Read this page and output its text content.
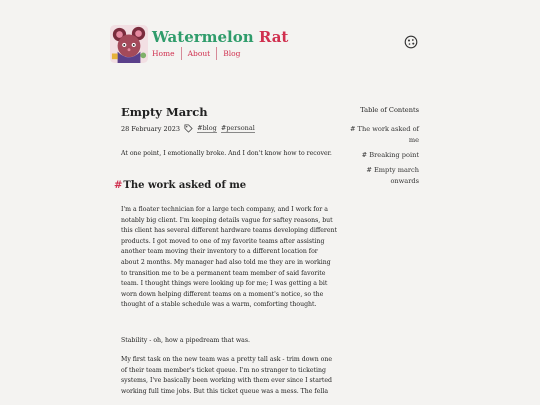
Watermelon Rat
Home About Blog
Empty March
28 February 2023	#blog #personal
At one point, I emotionally broke. And I don't know how to recover.
#The work asked of me

I'm a floater technician for a large tech company, and I work for a notably big client. I'm keeping details vague for saftey reasons, but this client has several different hardware teams developing different products. I got moved to one of my favorite teams after assisting another team moving their inventory to a different location for about 2 months. My manager had also told me they are in working to transition me to be a permanent team member of said favorite team. I thought things were looking up for me; I was getting a bit worn down helping different teams on a moment's notice, so the thought of a stable schedule was a warm, comforting thought.

Stability - oh, how a pipedream that was.

My first task on the new team was a pretty tall ask - trim down one of their team member's ticket queue. I'm no stranger to ticketing systems, I've basically been working with them ever since I started working full time jobs. But this ticket queue was a mess. The fella

Table of Contents
# The work asked of me
# Breaking point
# Empty march onwards
